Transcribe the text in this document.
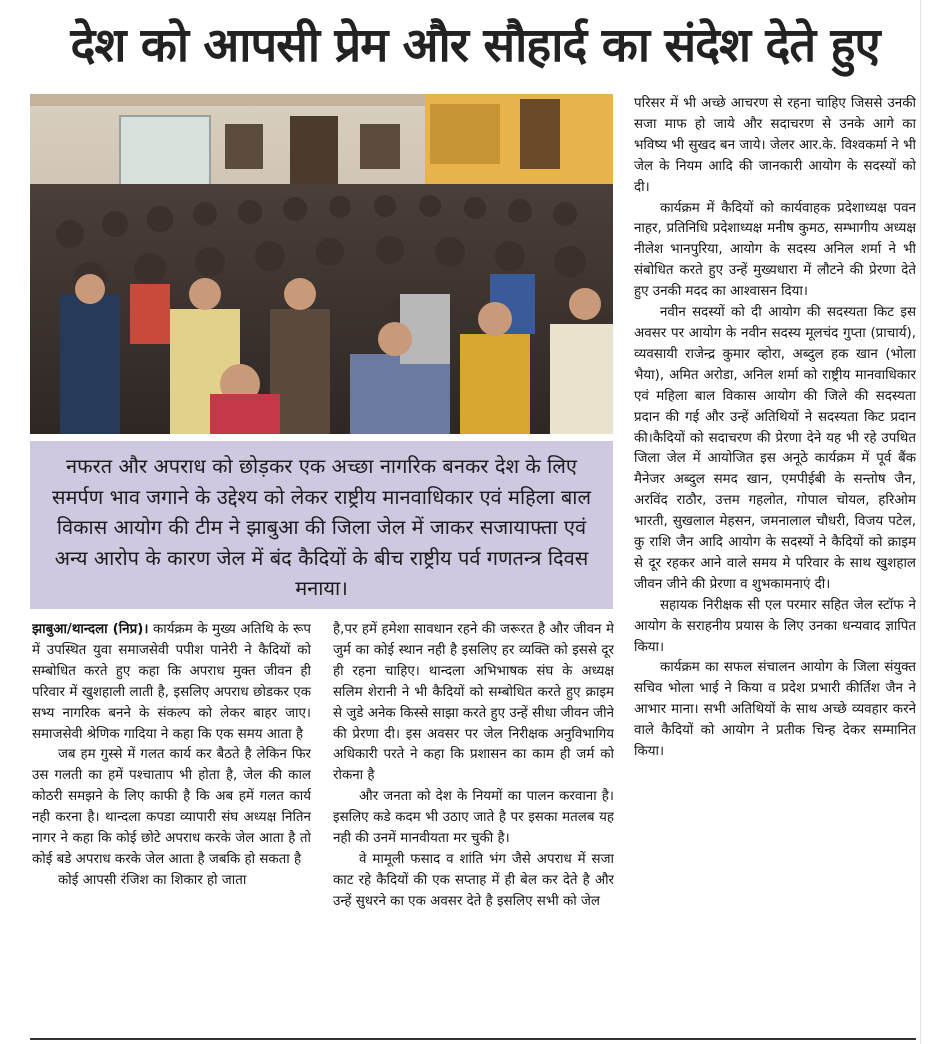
देश को आपसी प्रेम और सौहार्द का संदेश देते हुए

नफरत और अपराध को छोड़कर एक अच्छा नागरिक बनकर देश के लिए समर्पण भाव जगाने के उद्देश्य को लेकर राष्ट्रीय मानवाधिकार एवं महिला बाल विकास आयोग की टीम ने झाबुआ की जिला जेल में जाकर सजायाफ्ता एवं अन्य आरोप के कारण जेल में बंद कैदियों के बीच राष्ट्रीय पर्व गणतन्त्र दिवस मनाया।

झाबुआ/थान्दला (निप्र)। कार्यक्रम के मुख्य अतिथि के रूप में उपस्थित युवा समाजसेवी पपीश पानेरी ने कैदियों को सम्बोधित करते हुए कहा कि अपराध मुक्त जीवन ही परिवार में खुशहाली लाती है, इसलिए अपराध छोडकर एक सभ्य नागरिक बनने के संकल्प को लेकर बाहर जाए। समाजसेवी श्रेणिक गादिया ने कहा कि एक समय आता है

जब हम गुस्से में गलत कार्य कर बैठते है लेकिन फिर उस गलती का हमें पश्चाताप भी होता है, जेल की काल कोठरी समझने के लिए काफी है कि अब हमें गलत कार्य नही करना है। थान्दला कपडा व्यापारी संघ अध्यक्ष नितिन नागर ने कहा कि कोई छोटे अपराध करके जेल आता है तो कोई बडे अपराध करके जेल आता है जबकि हो सकता है

कोई आपसी रंजिश का शिकार हो जाता

है,पर हमें हमेशा सावधान रहने की जरूरत है और जीवन मे जुर्म का कोई स्थान नही है इसलिए हर व्यक्ति को इससे दूर ही रहना चाहिए। थान्दला अभिभाषक संघ के अध्यक्ष सलिम शेरानी ने भी कैदियों को सम्बोधित करते हुए क्राइम से जुडे अनेक किस्से साझा करते हुए उन्हें सीधा जीवन जीने की प्रेरणा दी। इस अवसर पर जेल निरीक्षक अनुविभागिय अधिकारी परते ने कहा कि प्रशासन का काम ही जर्म को रोकना है

और जनता को देश के नियमों का पालन करवाना है। इसलिए कडे कदम भी उठाए जाते है पर इसका मतलब यह नही की उनमें मानवीयता मर चुकी है।

वे मामूली फसाद व शांति भंग जैसे अपराध में सजा काट रहे कैदियों की एक सप्ताह में ही बेल कर देते है और उन्हें सुधरने का एक अवसर देते है इसलिए सभी को जेल

परिसर में भी अच्छे आचरण से रहना चाहिए जिससे उनकी सजा माफ हो जाये और सदाचरण से उनके आगे का भविष्य भी सुखद बन जाये। जेलर आर.के. विश्वकर्मा ने भी जेल के नियम आदि की जानकारी आयोग के सदस्यों को दी।

कार्यक्रम में कैदियों को कार्यवाहक प्रदेशाध्यक्ष पवन नाहर, प्रतिनिधि प्रदेशाध्यक्ष मनीष कुमठ, सम्भागीय अध्यक्ष नीलेश भानपुरिया, आयोग के सदस्य अनिल शर्मा ने भी संबोधित करते हुए उन्हें मुख्यधारा में लौटने की प्रेरणा देते हुए उनकी मदद का आश्वासन दिया।

नवीन सदस्यों को दी आयोग की सदस्यता किट इस अवसर पर आयोग के नवीन सदस्य मूलचंद गुप्ता (प्राचार्य), व्यवसायी राजेन्द्र कुमार व्होरा, अब्दुल हक खान (भोला भैया), अमित अरोडा, अनिल शर्मा को राष्ट्रीय मानवाधिकार एवं महिला बाल विकास आयोग की जिले की सदस्यता प्रदान की गई और उन्हें अतिथियों ने सदस्यता किट प्रदान की।कैदियों को सदाचरण की प्रेरणा देने यह भी रहे उपथित जिला जेल में आयोजित इस अनूठे कार्यक्रम में पूर्व बैंक मैनेजर अब्दुल समद खान, एमपीईबी के सन्तोष जैन, अरविंद राठौर, उत्तम गहलोत, गोपाल चोयल, हरिओम भारती, सुखलाल मेहसन, जमनालाल चौधरी, विजय पटेल, कु राशि जैन आदि आयोग के सदस्यों ने कैदियों को क्राइम से दूर रहकर आने वाले समय मे परिवार के साथ खुशहाल जीवन जीने की प्रेरणा व शुभकामनाएं दी।

सहायक निरीक्षक सी एल परमार सहित जेल स्टॉफ ने आयोग के सराहनीय प्रयास के लिए उनका धन्यवाद ज्ञापित किया।

कार्यक्रम का सफल संचालन आयोग के जिला संयुक्त सचिव भोला भाई ने किया व प्रदेश प्रभारी कीर्तिश जैन ने आभार माना। सभी अतिथियों के साथ अच्छे व्यवहार करने वाले कैदियों को आयोग ने प्रतीक चिन्ह देकर सम्मानित किया।
